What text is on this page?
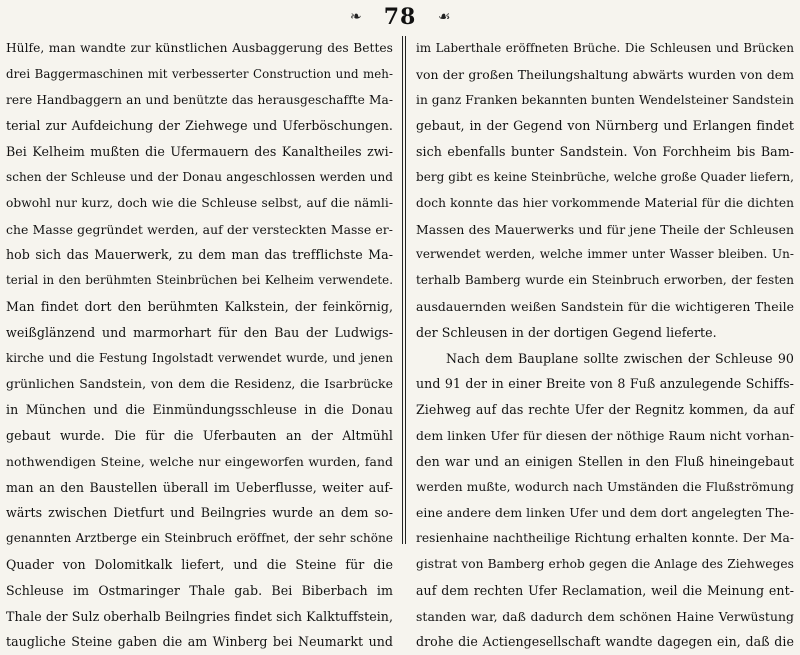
❧	78	☙
Hülfe, man wandte zur künstlichen Ausbaggerung des Bettes
drei Baggermaschinen mit verbesserter Construction und meh-
rere Handbaggern an und benützte das herausgeschaffte Ma-
terial zur Aufdeichung der Ziehwege und Uferböschungen.
Bei Kelheim mußten die Ufermauern des Kanaltheiles zwi-
schen der Schleuse und der Donau angeschlossen werden und
obwohl nur kurz, doch wie die Schleuse selbst, auf die nämli-
che Masse gegründet werden, auf der versteckten Masse er-
hob sich das Mauerwerk, zu dem man das trefflichste Ma-
terial in den berühmten Steinbrüchen bei Kelheim verwendete.
Man findet dort den berühmten Kalkstein, der feinkörnig,
weißglänzend und marmorhart für den Bau der Ludwigs-
kirche und die Festung Ingolstadt verwendet wurde, und jenen
grünlichen Sandstein, von dem die Residenz, die Isarbrücke
in München und die Einmündungsschleuse in die Donau
gebaut wurde. Die für die Uferbauten an der Altmühl
nothwendigen Steine, welche nur eingeworfen wurden, fand
man an den Baustellen überall im Ueberflusse, weiter auf-
wärts zwischen Dietfurt und Beilngries wurde an dem so-
genannten Arztberge ein Steinbruch eröffnet, der sehr schöne
Quader von Dolomitkalk liefert, und die Steine für die
Schleuse im Ostmaringer Thale gab. Bei Biberbach im
Thale der Sulz oberhalb Beilngries findet sich Kalktuffstein,
taugliche Steine gaben die am Winberg bei Neumarkt und
im Laberthale eröffneten Brüche. Die Schleusen und Brücken
von der großen Theilungshaltung abwärts wurden von dem
in ganz Franken bekannten bunten Wendelsteiner Sandstein
gebaut, in der Gegend von Nürnberg und Erlangen findet
sich ebenfalls bunter Sandstein. Von Forchheim bis Bam-
berg gibt es keine Steinbrüche, welche große Quader liefern,
doch konnte das hier vorkommende Material für die dichten
Massen des Mauerwerks und für jene Theile der Schleusen
verwendet werden, welche immer unter Wasser bleiben. Un-
terhalb Bamberg wurde ein Steinbruch erworben, der festen
ausdauernden weißen Sandstein für die wichtigeren Theile
der Schleusen in der dortigen Gegend lieferte.
Nach dem Bauplane sollte zwischen der Schleuse 90
und 91 der in einer Breite von 8 Fuß anzulegende Schiffs-
Ziehweg auf das rechte Ufer der Regnitz kommen, da auf
dem linken Ufer für diesen der nöthige Raum nicht vorhan-
den war und an einigen Stellen in den Fluß hineingebaut
werden mußte, wodurch nach Umständen die Flußströmung
eine andere dem linken Ufer und dem dort angelegten The-
resienhaine nachtheilige Richtung erhalten konnte. Der Ma-
gistrat von Bamberg erhob gegen die Anlage des Ziehweges
auf dem rechten Ufer Reclamation, weil die Meinung ent-
standen war, daß dadurch dem schönen Haine Verwüstung
drohe die Actiengesellschaft wandte dagegen ein, daß die
